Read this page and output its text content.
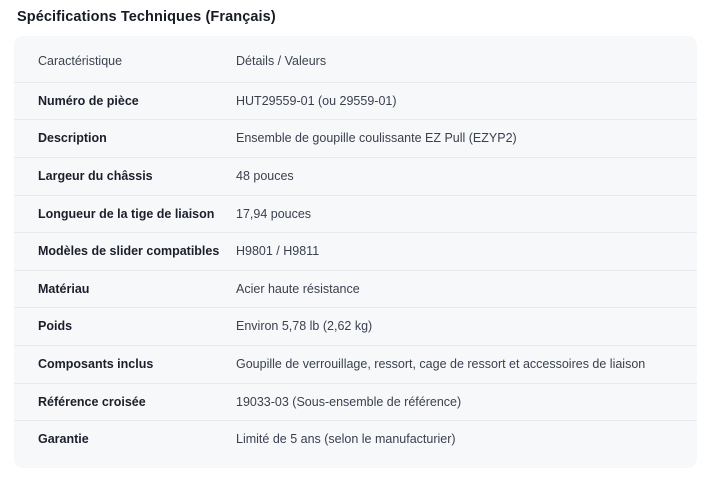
Spécifications Techniques (Français)
Caractéristique	Détails / Valeurs
Numéro de pièce	HUT29559-01 (ou 29559-01)
Description	Ensemble de goupille coulissante EZ Pull (EZYP2)
Largeur du châssis	48 pouces
Longueur de la tige de liaison	17,94 pouces
Modèles de slider compatibles	H9801 / H9811
Matériau	Acier haute résistance
Poids	Environ 5,78 lb (2,62 kg)
Composants inclus	Goupille de verrouillage, ressort, cage de ressort et accessoires de liaison
Référence croisée	19033-03 (Sous-ensemble de référence)
Garantie	Limité de 5 ans (selon le manufacturier)
